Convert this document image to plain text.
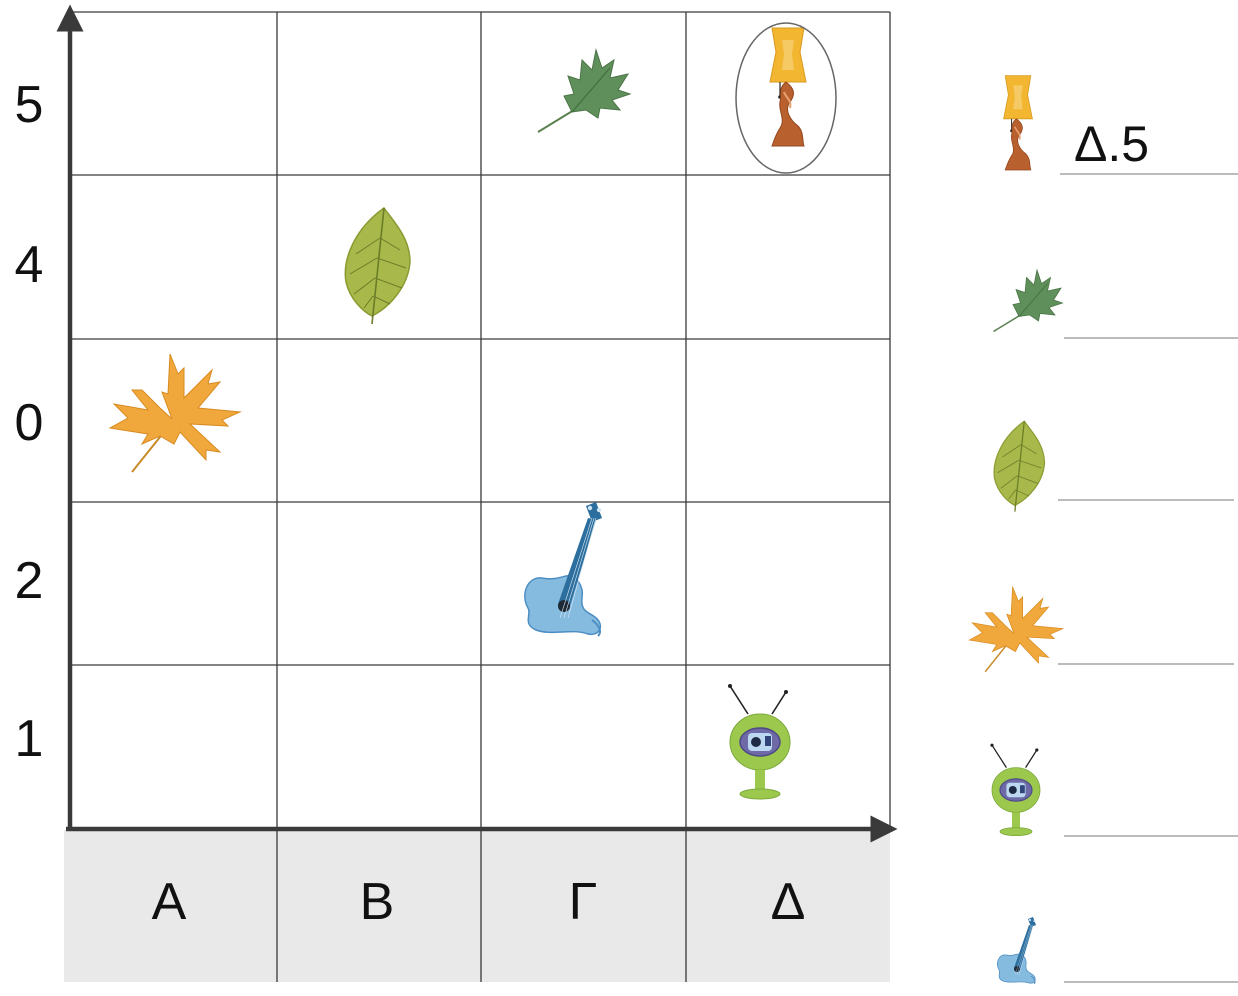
5
4
0
2
1
Α	Β	Γ	Δ
Δ.5
